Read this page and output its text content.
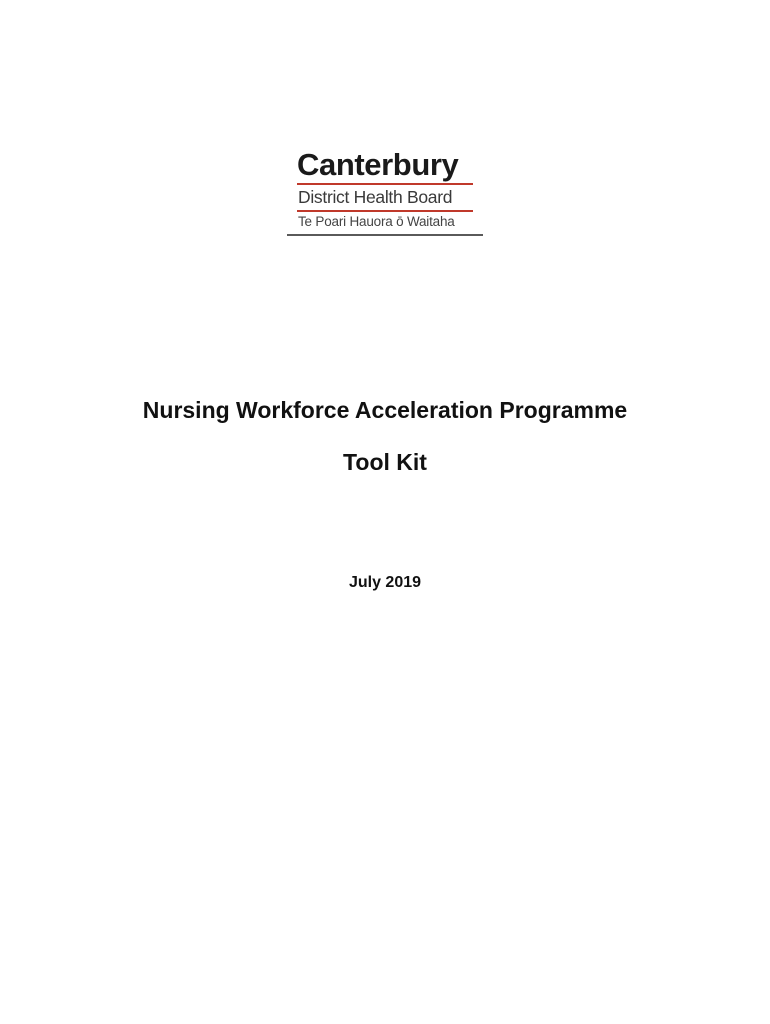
Canterbury
District Health Board
Te Poari Hauora ō Waitaha
Nursing Workforce Acceleration Programme
Tool Kit
July 2019
